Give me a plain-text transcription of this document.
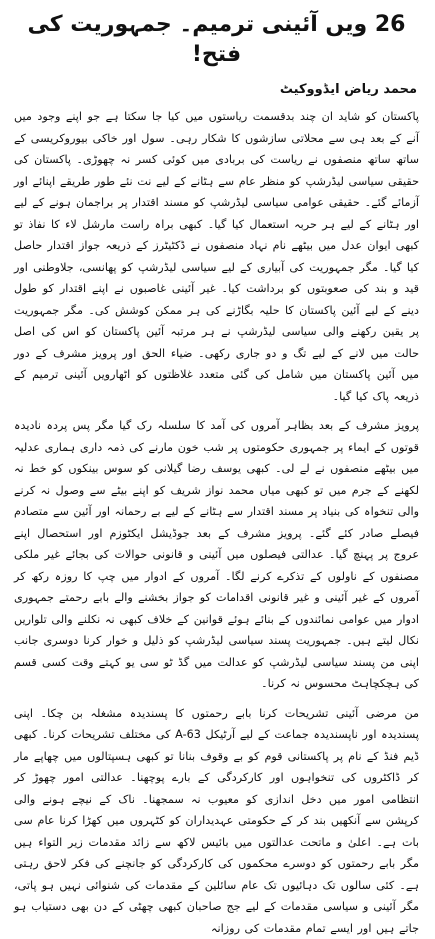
26 ویں آئینی ترمیم۔ جمہوریت کی فتح!
محمد ریاض ایڈووکیٹ

پاکستان کو شاید ان چند بدقسمت ریاستوں میں کیا جا سکتا ہے جو اپنے وجود میں آنے کے بعد ہی سے محلاتی سازشوں کا شکار رہی۔ سول اور خاکی بیوروکریسی کے ساتھ ساتھ منصفوں نے ریاست کی بربادی میں کوئی کسر نہ چھوڑی۔ پاکستان کی حقیقی سیاسی لیڈرشپ کو منظر عام سے ہٹانے کے لیے نت نئے طور طریقے اپنائے اور آزمائے گئے۔ حقیقی عوامی سیاسی لیڈرشپ کو مسند اقتدار پر براجمان ہونے کے لیے اور ہٹانے کے لیے ہر حربہ استعمال کیا گیا۔ کبھی براہ راست مارشل لاء کا نفاذ تو کبھی ایوان عدل میں بیٹھے نام نہاد منصفوں نے ڈکٹیٹرز کے ذریعہ جواز اقتدار حاصل کیا گیا۔ مگر جمہوریت کی آبیاری کے لیے سیاسی لیڈرشپ کو پھانسی، جلاوطنی اور قید و بند کی صعوبتوں کو برداشت کیا۔ غیر آئینی غاصبوں نے اپنے اقتدار کو طول دینے کے لیے آئین پاکستان کا حلیہ بگاڑنے کی ہر ممکن کوشش کی۔ مگر جمہوریت پر یقین رکھنے والی سیاسی لیڈرشپ نے ہر مرتبہ آئین پاکستان کو اس کی اصل حالت میں لانے کے لیے تگ و دو جاری رکھی۔ ضیاء الحق اور پرویز مشرف کے دور میں آئین پاکستان میں شامل کی گئی متعدد غلاظتوں کو اٹھارویں آئینی ترمیم کے ذریعہ پاک کیا گیا۔

پرویز مشرف کے بعد بظاہر آمروں کی آمد کا سلسلہ رک گیا مگر پس پردہ نادیدہ قوتوں کے ایماء پر جمہوری حکومتوں پر شب خون مارنے کی ذمہ داری ہماری عدلیہ میں بیٹھے منصفوں نے لے لی۔ کبھی یوسف رضا گیلانی کو سوس بینکوں کو خط نہ لکھنے کے جرم میں تو کبھی میاں محمد نواز شریف کو اپنے بیٹے سے وصول نہ کرنے والی تنخواہ کی بنیاد پر مسند اقتدار سے ہٹانے کے لیے بے رحمانہ اور آئین سے متصادم فیصلے صادر کئے گئے۔ پرویز مشرف کے بعد جوڈیشل ایکٹوزم اور استحصال اپنے عروج پر پہنچ گیا۔ عدالتی فیصلوں میں آئینی و قانونی حوالات کی بجائے غیر ملکی مصنفوں کے ناولوں کے تذکرے کرنے لگا۔ آمروں کے ادوار میں چپ کا روزہ رکھ کر آمروں کے غیر آئینی و غیر قانونی اقدامات کو جواز بخشنے والے بابے رحمتے جمہوری ادوار میں عوامی نمائندوں کے بنائے ہوئے قوانین کے خلاف کبھی نہ نکلنے والی تلواریں نکال لیتے ہیں۔ جمہوریت پسند سیاسی لیڈرشپ کو ذلیل و خوار کرنا دوسری جانب اپنی من پسند سیاسی لیڈرشپ کو عدالت میں گڈ ٹو سی یو کہتے وقت کسی قسم کی ہچکچاہٹ محسوس نہ کرنا۔

من مرضی آئینی تشریحات کرنا بابے رحمتوں کا پسندیدہ مشغلہ بن چکا۔ اپنی پسندیدہ اور ناپسندیدہ جماعت کے لیے آرٹیکل A-63 کی مختلف تشریحات کرنا۔ کبھی ڈیم فنڈ کے نام پر پاکستانی قوم کو بے وقوف بنانا تو کبھی ہسپتالوں میں چھاپے مار کر ڈاکٹروں کی تنخواہوں اور کارکردگی کے بارے پوچھنا۔ عدالتی امور چھوڑ کر انتظامی امور میں دخل اندازی کو معیوب نہ سمجھنا۔ ناک کے نیچے ہونے والی کرپشن سے آنکھیں بند کر کے حکومتی عہدیداران کو کٹہروں میں کھڑا کرنا عام سی بات ہے۔ اعلیٰ و ماتحت عدالتوں میں بائیس لاکھ سے زائد مقدمات زیر التواء ہیں مگر بابے رحمتوں کو دوسرے محکموں کی کارکردگی کو جانچنے کی فکر لاحق رہتی ہے۔ کئی سالوں تک دہائیوں تک عام سائلین کے مقدمات کی شنوائی نہیں ہو پاتی، مگر آئینی و سیاسی مقدمات کے لیے جج صاحبان کبھی چھٹی کے دن بھی دستیاب ہو جاتے ہیں اور ایسے تمام مقدمات کی روزانہ
